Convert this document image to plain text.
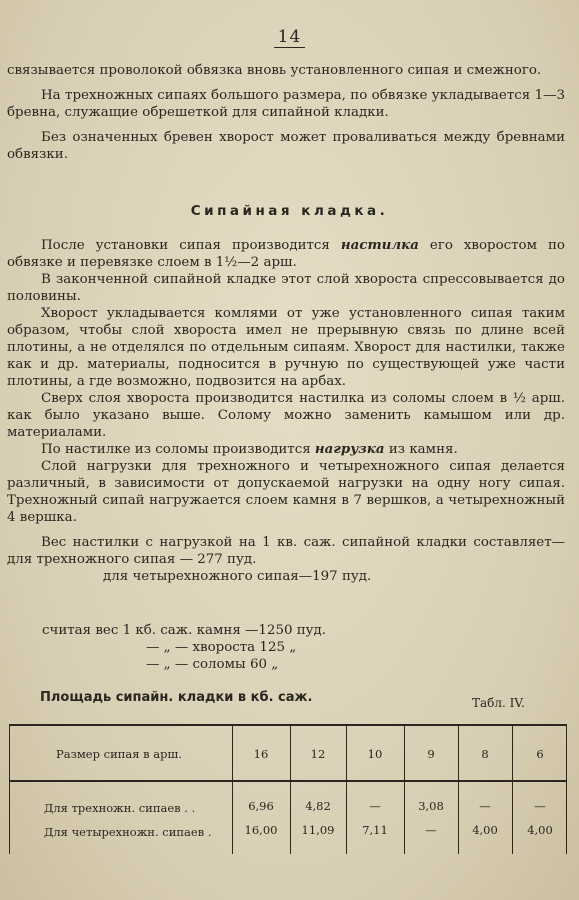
14

связывается проволокой обвязка вновь установленного сипая и смежного.

На трехножных сипаях большого размера, по обвязке укладывается 1—3 бревна, служащие обрешеткой для сипайной кладки.

Без означенных бревен хворост может проваливаться между бревнами обвязки.

Сипайная кладка.

После установки сипая производится настилка его хворостом по обвязке и перевязке слоем в 1½—2 арш.

В законченной сипайной кладке этот слой хвороста спрессовывается до половины.

Хворост укладывается комлями от уже установленного сипая таким образом, чтобы слой хвороста имел не прерывную связь по длине всей плотины, а не отделялся по отдельным сипаям. Хворост для настилки, также как и др. материалы, подносится в ручную по существующей уже части плотины, а где возможно, подвозится на арбах.

Сверх слоя хвороста производится настилка из соломы слоем в ½ арш. как было указано выше. Солому можно заменить камышом или др. материалами.

По настилке из соломы производится нагрузка из камня.

Слой нагрузки для трехножного и четырехножного сипая делается различный, в зависимости от допускаемой нагрузки на одну ногу сипая. Трехножный сипай нагружается слоем камня в 7 вершков, а четырехножный 4 вершка.

Вес настилки с нагрузкой на 1 кв. саж. сипайной кладки составляет—для трехножного сипая — 277 пуд.

для четырехножного сипая—197 пуд.

считая вес 1 кб. саж. камня —1250 пуд.
— „ — хвороста 125 „
— „ — соломы 60 „
Площадь сипайн. кладки в кб. саж.	Табл. IV.
Размер сипая в арш.	16	12	10	9	8	6
Для трехножн. сипаев . .	6,96	4,82	—	3,08	—	—
Для четырехножн. сипаев .	16,00	11,09	7,11	—	4,00	4,00
